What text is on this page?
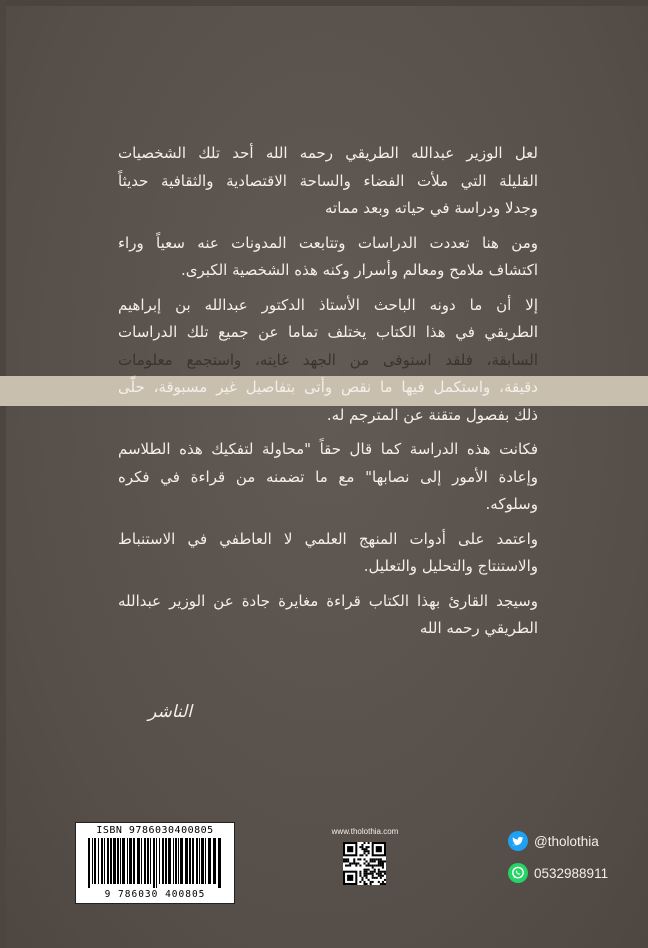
لعل الوزير عبدالله الطريقي رحمه الله أحد تلك الشخصيات
القليلة التي ملأت الفضاء والساحة الاقتصادية والثقافية حديثاً
وجدلا ودراسة في حياته وبعد مماته
ومن هنا تعددت الدراسات وتتابعت المدونات عنه سعياً وراء
اكتشاف ملامح ومعالم وأسرار وكنه هذه الشخصية الكبرى.
إلا أن ما دونه الباحث الأستاذ الدكتور عبدالله بن إبراهيم
الطريقي في هذا الكتاب يختلف تماما عن جميع تلك الدراسات
السابقة، فلقد استوفى من الجهد غايته، واستجمع معلومات
دقيقة، واستكمل فيها ما نقص وأتى بتفاصيل غير مسبوقة، حلّى
ذلك بفصول متقنة عن المترجم له.
فكانت هذه الدراسة كما قال حقاً "محاولة لتفكيك هذه الطلاسم
وإعادة الأمور إلى نصابها" مع ما تضمنه من قراءة في فكره
وسلوكه.
واعتمد على أدوات المنهج العلمي لا العاطفي في الاستنباط
والاستنتاج والتحليل والتعليل.
وسيجد القارئ بهذا الكتاب قراءة مغايرة جادة عن الوزير عبدالله
الطريقي رحمه الله
الناشر
ISBN 9786030400805
9 786030 400805
www.tholothia.com
@tholothia
0532988911
